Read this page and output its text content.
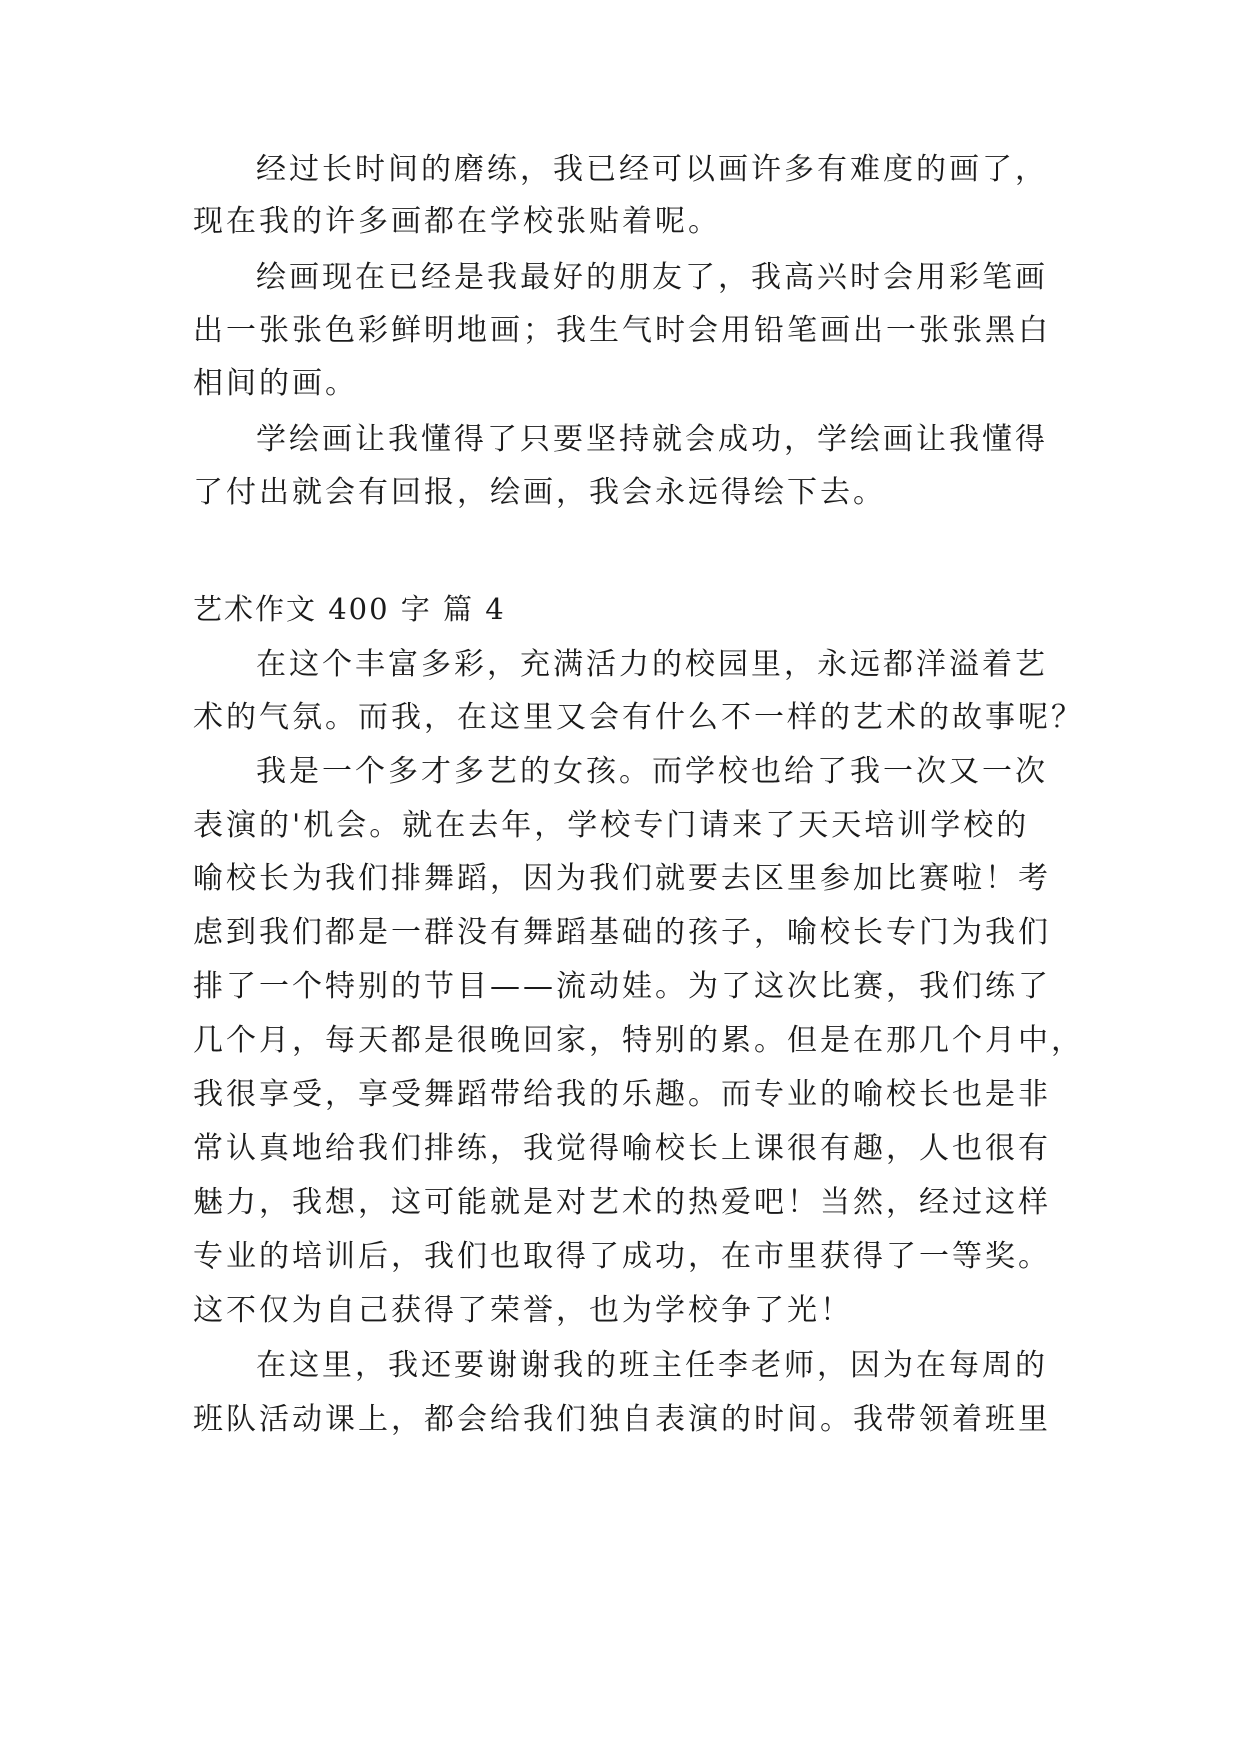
经过长时间的磨练，我已经可以画许多有难度的画了，
现在我的许多画都在学校张贴着呢。
绘画现在已经是我最好的朋友了，我高兴时会用彩笔画
出一张张色彩鲜明地画；我生气时会用铅笔画出一张张黑白
相间的画。
学绘画让我懂得了只要坚持就会成功，学绘画让我懂得
了付出就会有回报，绘画，我会永远得绘下去。
艺术作文 400 字 篇 4
在这个丰富多彩，充满活力的校园里，永远都洋溢着艺
术的气氛。而我，在这里又会有什么不一样的艺术的故事呢？
我是一个多才多艺的女孩。而学校也给了我一次又一次
表演的'机会。就在去年，学校专门请来了天天培训学校的
喻校长为我们排舞蹈，因为我们就要去区里参加比赛啦！考
虑到我们都是一群没有舞蹈基础的孩子，喻校长专门为我们
排了一个特别的节目——流动娃。为了这次比赛，我们练了
几个月，每天都是很晚回家，特别的累。但是在那几个月中，
我很享受，享受舞蹈带给我的乐趣。而专业的喻校长也是非
常认真地给我们排练，我觉得喻校长上课很有趣，人也很有
魅力，我想，这可能就是对艺术的热爱吧！当然，经过这样
专业的培训后，我们也取得了成功，在市里获得了一等奖。
这不仅为自己获得了荣誉，也为学校争了光！
在这里，我还要谢谢我的班主任李老师，因为在每周的
班队活动课上，都会给我们独自表演的时间。我带领着班里
